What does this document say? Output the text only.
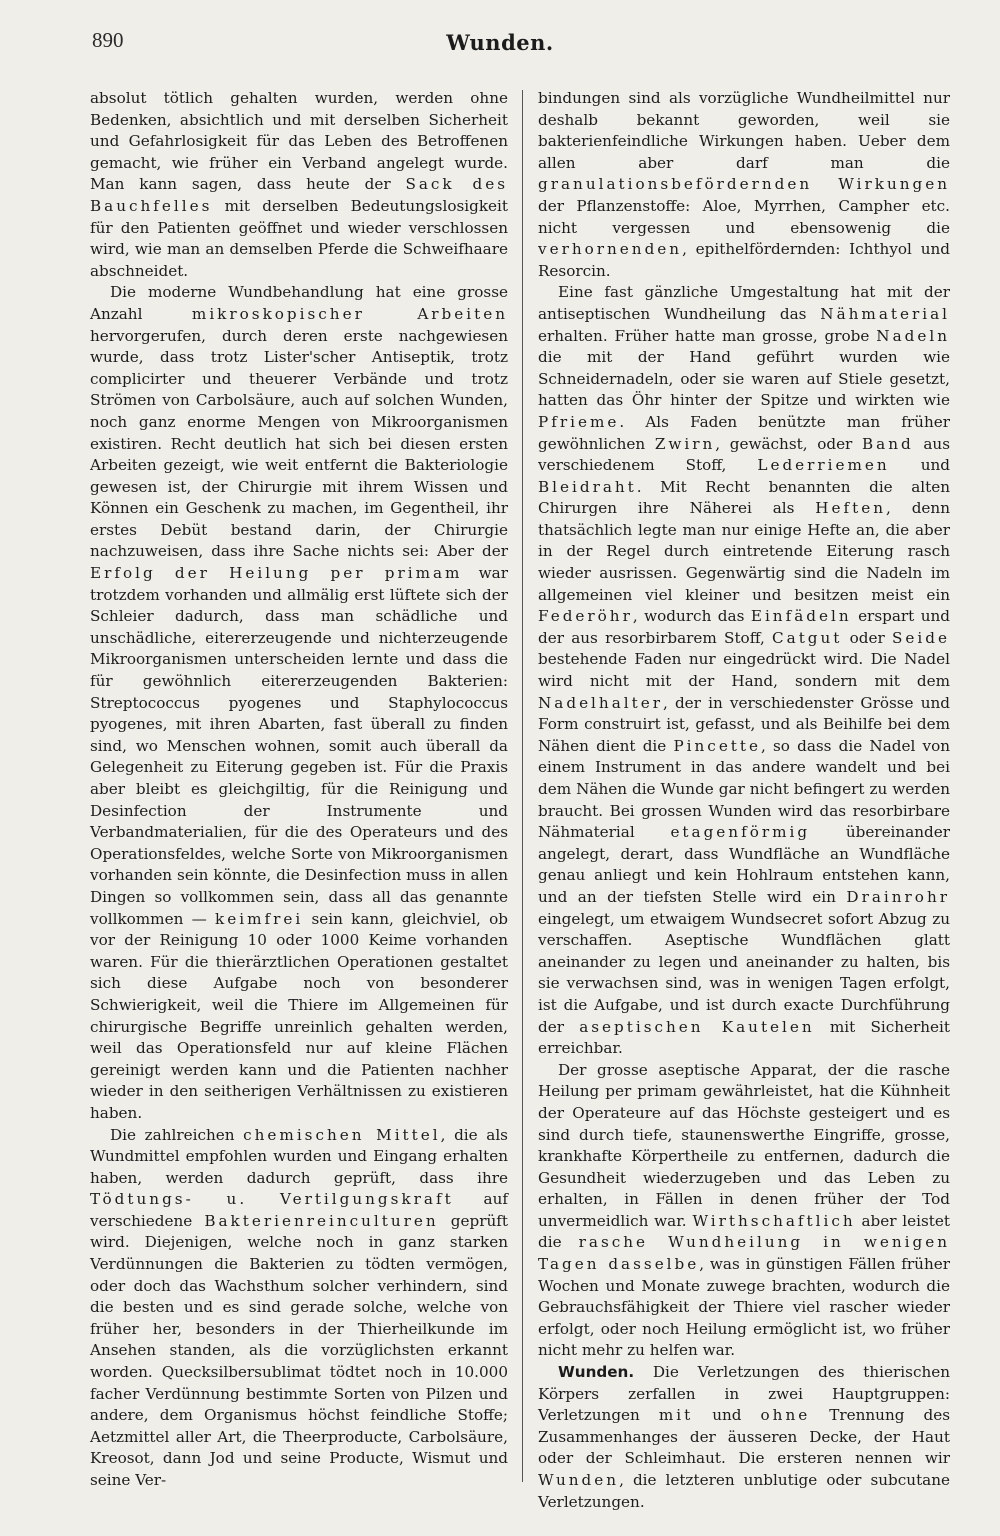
890	Wunden.

absolut tötlich gehalten wurden, werden ohne Bedenken, absichtlich und mit derselben Sicherheit und Gefahrlosigkeit für das Leben des Betroffenen gemacht, wie früher ein Verband angelegt wurde. Man kann sagen, dass heute der Sack des Bauchfelles mit derselben Bedeutungslosigkeit für den Patienten geöffnet und wieder verschlossen wird, wie man an demselben Pferde die Schweifhaare abschneidet.

Die moderne Wundbehandlung hat eine grosse Anzahl mikroskopischer Arbeiten hervorgerufen, durch deren erste nachgewiesen wurde, dass trotz Lister'scher Antiseptik, trotz complicirter und theuerer Verbände und trotz Strömen von Carbolsäure, auch auf solchen Wunden, noch ganz enorme Mengen von Mikroorganismen existiren. Recht deutlich hat sich bei diesen ersten Arbeiten gezeigt, wie weit entfernt die Bakteriologie gewesen ist, der Chirurgie mit ihrem Wissen und Können ein Geschenk zu machen, im Gegentheil, ihr erstes Debüt bestand darin, der Chirurgie nachzuweisen, dass ihre Sache nichts sei: Aber der Erfolg der Heilung per primam war trotzdem vorhanden und allmälig erst lüftete sich der Schleier dadurch, dass man schädliche und unschädliche, eitererzeugende und nichterzeugende Mikroorganismen unterscheiden lernte und dass die für gewöhnlich eitererzeugenden Bakterien: Streptococcus pyogenes und Staphylococcus pyogenes, mit ihren Abarten, fast überall zu finden sind, wo Menschen wohnen, somit auch überall da Gelegenheit zu Eiterung gegeben ist. Für die Praxis aber bleibt es gleichgiltig, für die Reinigung und Desinfection der Instrumente und Verbandmaterialien, für die des Operateurs und des Operationsfeldes, welche Sorte von Mikroorganismen vorhanden sein könnte, die Desinfection muss in allen Dingen so vollkommen sein, dass all das genannte vollkommen — keimfrei sein kann, gleichviel, ob vor der Reinigung 10 oder 1000 Keime vorhanden waren. Für die thierärztlichen Operationen gestaltet sich diese Aufgabe noch von besonderer Schwierigkeit, weil die Thiere im Allgemeinen für chirurgische Begriffe unreinlich gehalten werden, weil das Operationsfeld nur auf kleine Flächen gereinigt werden kann und die Patienten nachher wieder in den seitherigen Verhältnissen zu existieren haben.

Die zahlreichen chemischen Mittel, die als Wundmittel empfohlen wurden und Eingang erhalten haben, werden dadurch geprüft, dass ihre Tödtungs- u. Vertilgungskraft auf verschiedene Bakterienreinculturen geprüft wird. Diejenigen, welche noch in ganz starken Verdünnungen die Bakterien zu tödten vermögen, oder doch das Wachsthum solcher verhindern, sind die besten und es sind gerade solche, welche von früher her, besonders in der Thierheilkunde im Ansehen standen, als die vorzüglichsten erkannt worden. Quecksilbersublimat tödtet noch in 10.000 facher Verdünnung bestimmte Sorten von Pilzen und andere, dem Organismus höchst feindliche Stoffe; Aetzmittel aller Art, die Theerproducte, Carbolsäure, Kreosot, dann Jod und seine Producte, Wismut und seine Ver-

bindungen sind als vorzügliche Wundheilmittel nur deshalb bekannt geworden, weil sie bakterienfeindliche Wirkungen haben. Ueber dem allen aber darf man die granulationsbefördernden Wirkungen der Pflanzenstoffe: Aloe, Myrrhen, Campher etc. nicht vergessen und ebensowenig die verhornenden, epithelfördernden: Ichthyol und Resorcin.

Eine fast gänzliche Umgestaltung hat mit der antiseptischen Wundheilung das Nähmaterial erhalten. Früher hatte man grosse, grobe Nadeln die mit der Hand geführt wurden wie Schneidernadeln, oder sie waren auf Stiele gesetzt, hatten das Öhr hinter der Spitze und wirkten wie Pfrieme. Als Faden benützte man früher gewöhnlichen Zwirn, gewächst, oder Band aus verschiedenem Stoff, Lederriemen und Bleidraht. Mit Recht benannten die alten Chirurgen ihre Näherei als Heften, denn thatsächlich legte man nur einige Hefte an, die aber in der Regel durch eintretende Eiterung rasch wieder ausrissen. Gegenwärtig sind die Nadeln im allgemeinen viel kleiner und besitzen meist ein Federöhr, wodurch das Einfädeln erspart und der aus resorbirbarem Stoff, Catgut oder Seide bestehende Faden nur eingedrückt wird. Die Nadel wird nicht mit der Hand, sondern mit dem Nadelhalter, der in verschiedenster Grösse und Form construirt ist, gefasst, und als Beihilfe bei dem Nähen dient die Pincette, so dass die Nadel von einem Instrument in das andere wandelt und bei dem Nähen die Wunde gar nicht befingert zu werden braucht. Bei grossen Wunden wird das resorbirbare Nähmaterial etagenförmig übereinander angelegt, derart, dass Wundfläche an Wundfläche genau anliegt und kein Hohlraum entstehen kann, und an der tiefsten Stelle wird ein Drainrohr eingelegt, um etwaigem Wundsecret sofort Abzug zu verschaffen. Aseptische Wundflächen glatt aneinander zu legen und aneinander zu halten, bis sie verwachsen sind, was in wenigen Tagen erfolgt, ist die Aufgabe, und ist durch exacte Durchführung der aseptischen Kautelen mit Sicherheit erreichbar.

Der grosse aseptische Apparat, der die rasche Heilung per primam gewährleistet, hat die Kühnheit der Operateure auf das Höchste gesteigert und es sind durch tiefe, staunenswerthe Eingriffe, grosse, krankhafte Körpertheile zu entfernen, dadurch die Gesundheit wiederzugeben und das Leben zu erhalten, in Fällen in denen früher der Tod unvermeidlich war. Wirthschaftlich aber leistet die rasche Wundheilung in wenigen Tagen dasselbe, was in günstigen Fällen früher Wochen und Monate zuwege brachten, wodurch die Gebrauchsfähigkeit der Thiere viel rascher wieder erfolgt, oder noch Heilung ermöglicht ist, wo früher nicht mehr zu helfen war.

Wunden. Die Verletzungen des thierischen Körpers zerfallen in zwei Hauptgruppen: Verletzungen mit und ohne Trennung des Zusammenhanges der äusseren Decke, der Haut oder der Schleimhaut. Die ersteren nennen wir Wunden, die letzteren unblutige oder subcutane Verletzungen.
